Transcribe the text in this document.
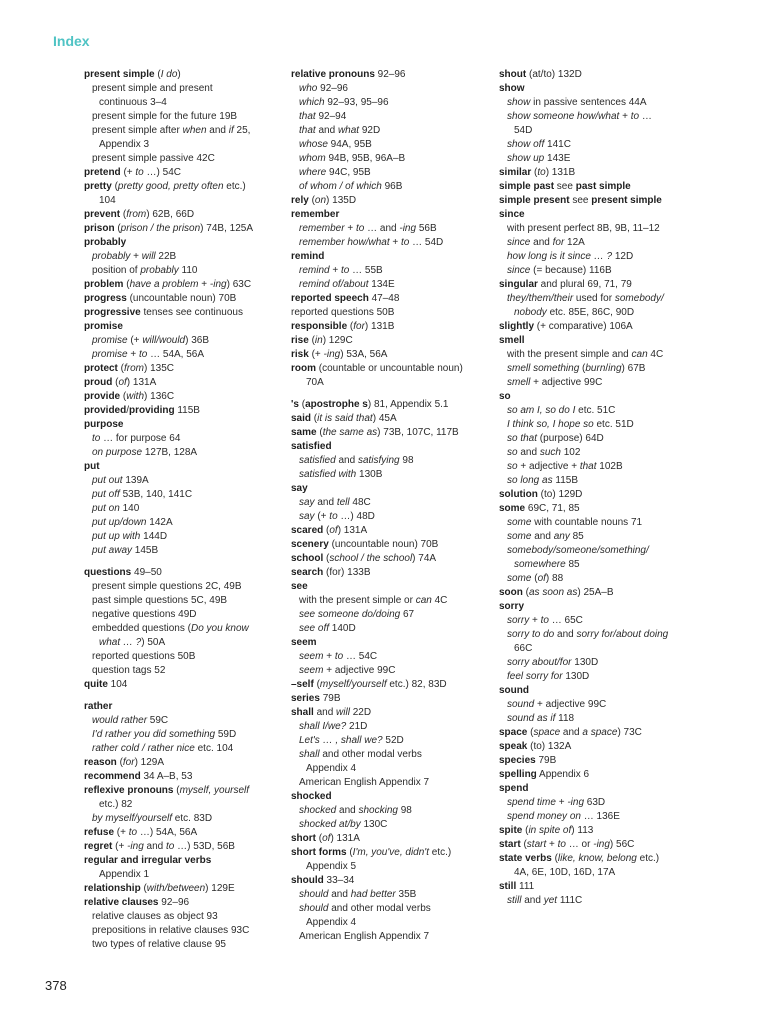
Index
present simple (I do)
present simple and present
continuous 3–4
present simple for the future 19B
present simple after when and if 25,
Appendix 3
present simple passive 42C
pretend (+ to …) 54C
pretty (pretty good, pretty often etc.)
104
prevent (from) 62B, 66D
prison (prison / the prison) 74B, 125A
probably
probably + will 22B
position of probably 110
problem (have a problem + -ing) 63C
progress (uncountable noun) 70B
progressive tenses see continuous
promise
promise (+ will/would) 36B
promise + to … 54A, 56A
protect (from) 135C
proud (of) 131A
provide (with) 136C
provided/providing 115B
purpose
to … for purpose 64
on purpose 127B, 128A
put
put out 139A
put off 53B, 140, 141C
put on 140
put up/down 142A
put up with 144D
put away 145B
questions 49–50
present simple questions 2C, 49B
past simple questions 5C, 49B
negative questions 49D
embedded questions (Do you know
what … ?) 50A
reported questions 50B
question tags 52
quite 104
rather
would rather 59C
I'd rather you did something 59D
rather cold / rather nice etc. 104
reason (for) 129A
recommend 34 A–B, 53
reflexive pronouns (myself, yourself
etc.) 82
by myself/yourself etc. 83D
refuse (+ to …) 54A, 56A
regret (+ -ing and to …) 53D, 56B
regular and irregular verbs
Appendix 1
relationship (with/between) 129E
relative clauses 92–96
relative clauses as object 93
prepositions in relative clauses 93C
two types of relative clause 95
relative pronouns 92–96
who 92–96
which 92–93, 95–96
that 92–94
that and what 92D
whose 94A, 95B
whom 94B, 95B, 96A–B
where 94C, 95B
of whom / of which 96B
rely (on) 135D
remember
remember + to … and -ing 56B
remember how/what + to … 54D
remind
remind + to … 55B
remind of/about 134E
reported speech 47–48
reported questions 50B
responsible (for) 131B
rise (in) 129C
risk (+ -ing) 53A, 56A
room (countable or uncountable noun)
70A
's (apostrophe s) 81, Appendix 5.1
said (it is said that) 45A
same (the same as) 73B, 107C, 117B
satisfied
satisfied and satisfying 98
satisfied with 130B
say
say and tell 48C
say (+ to …) 48D
scared (of) 131A
scenery (uncountable noun) 70B
school (school / the school) 74A
search (for) 133B
see
with the present simple or can 4C
see someone do/doing 67
see off 140D
seem
seem + to … 54C
seem + adjective 99C
–self (myself/yourself etc.) 82, 83D
series 79B
shall and will 22D
shall I/we? 21D
Let's … , shall we? 52D
shall and other modal verbs
Appendix 4
American English Appendix 7
shocked
shocked and shocking 98
shocked at/by 130C
short (of) 131A
short forms (I'm, you've, didn't etc.)
Appendix 5
should 33–34
should and had better 35B
should and other modal verbs
Appendix 4
American English Appendix 7
shout (at/to) 132D
show
show in passive sentences 44A
show someone how/what + to …
54D
show off 141C
show up 143E
similar (to) 131B
simple past see past simple
simple present see present simple
since
with present perfect 8B, 9B, 11–12
since and for 12A
how long is it since … ? 12D
since (= because) 116B
singular and plural 69, 71, 79
they/them/their used for somebody/
nobody etc. 85E, 86C, 90D
slightly (+ comparative) 106A
smell
with the present simple and can 4C
smell something (burn/ing) 67B
smell + adjective 99C
so
so am I, so do I etc. 51C
I think so, I hope so etc. 51D
so that (purpose) 64D
so and such 102
so + adjective + that 102B
so long as 115B
solution (to) 129D
some 69C, 71, 85
some with countable nouns 71
some and any 85
somebody/someone/something/
somewhere 85
some (of) 88
soon (as soon as) 25A–B
sorry
sorry + to … 65C
sorry to do and sorry for/about doing
66C
sorry about/for 130D
feel sorry for 130D
sound
sound + adjective 99C
sound as if 118
space (space and a space) 73C
speak (to) 132A
species 79B
spelling Appendix 6
spend
spend time + -ing 63D
spend money on … 136E
spite (in spite of) 113
start (start + to … or -ing) 56C
state verbs (like, know, belong etc.)
4A, 6E, 10D, 16D, 17A
still 111
still and yet 111C
378
